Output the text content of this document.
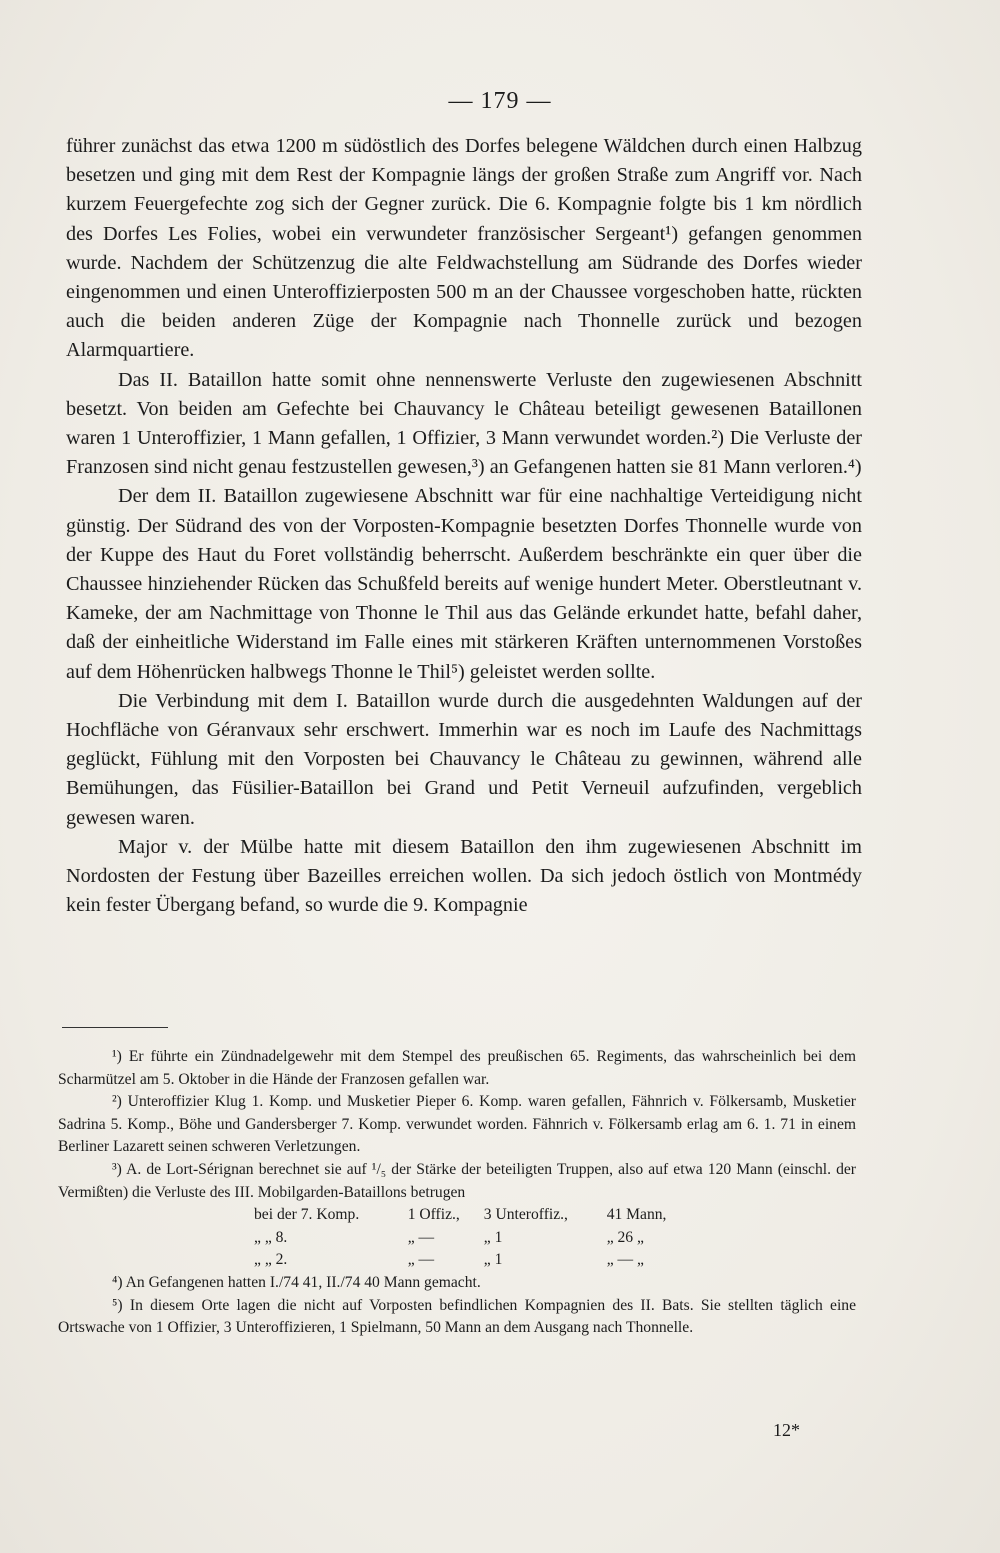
— 179 —

führer zunächst das etwa 1200 m südöstlich des Dorfes belegene Wäldchen durch einen Halbzug besetzen und ging mit dem Rest der Kompagnie längs der großen Straße zum Angriff vor. Nach kurzem Feuergefechte zog sich der Gegner zurück. Die 6. Kompagnie folgte bis 1 km nördlich des Dorfes Les Folies, wobei ein verwundeter französischer Sergeant¹) gefangen genommen wurde. Nachdem der Schützenzug die alte Feldwachstellung am Südrande des Dorfes wieder eingenommen und einen Unteroffizierposten 500 m an der Chaussee vorgeschoben hatte, rückten auch die beiden anderen Züge der Kompagnie nach Thonnelle zurück und bezogen Alarmquartiere.

Das II. Bataillon hatte somit ohne nennenswerte Verluste den zugewiesenen Abschnitt besetzt. Von beiden am Gefechte bei Chauvancy le Château beteiligt gewesenen Bataillonen waren 1 Unteroffizier, 1 Mann gefallen, 1 Offizier, 3 Mann verwundet worden.²) Die Verluste der Franzosen sind nicht genau festzustellen gewesen,³) an Gefangenen hatten sie 81 Mann verloren.⁴)

Der dem II. Bataillon zugewiesene Abschnitt war für eine nachhaltige Verteidigung nicht günstig. Der Südrand des von der Vorposten-Kompagnie besetzten Dorfes Thonnelle wurde von der Kuppe des Haut du Foret vollständig beherrscht. Außerdem beschränkte ein quer über die Chaussee hinziehender Rücken das Schußfeld bereits auf wenige hundert Meter. Oberstleutnant v. Kameke, der am Nachmittage von Thonne le Thil aus das Gelände erkundet hatte, befahl daher, daß der einheitliche Widerstand im Falle eines mit stärkeren Kräften unternommenen Vorstoßes auf dem Höhenrücken halbwegs Thonne le Thil⁵) geleistet werden sollte.

Die Verbindung mit dem I. Bataillon wurde durch die ausgedehnten Waldungen auf der Hochfläche von Géranvaux sehr erschwert. Immerhin war es noch im Laufe des Nachmittags geglückt, Fühlung mit den Vorposten bei Chauvancy le Château zu gewinnen, während alle Bemühungen, das Füsilier-Bataillon bei Grand und Petit Verneuil aufzufinden, vergeblich gewesen waren.

Major v. der Mülbe hatte mit diesem Bataillon den ihm zugewiesenen Abschnitt im Nordosten der Festung über Bazeilles erreichen wollen. Da sich jedoch östlich von Montmédy kein fester Übergang befand, so wurde die 9. Kompagnie

¹) Er führte ein Zündnadelgewehr mit dem Stempel des preußischen 65. Regiments, das wahrscheinlich bei dem Scharmützel am 5. Oktober in die Hände der Franzosen gefallen war.

²) Unteroffizier Klug 1. Komp. und Musketier Pieper 6. Komp. waren gefallen, Fähnrich v. Fölkersamb, Musketier Sadrina 5. Komp., Böhe und Gandersberger 7. Komp. verwundet worden. Fähnrich v. Fölkersamb erlag am 6. 1. 71 in einem Berliner Lazarett seinen schweren Verletzungen.

³) A. de Lort-Sérignan berechnet sie auf ¹/₅ der Stärke der beteiligten Truppen, also auf etwa 120 Mann (einschl. der Vermißten) die Verluste des III. Mobilgarden-Bataillons betrugen

bei der 7. Komp.	1 Offiz.,	3 Unteroffiz.,	41 Mann,
„ „ 8.	„ —	„ 1	„ 26 „
„ „ 2.	„ —	„ 1	„ — „

⁴) An Gefangenen hatten I./74 41, II./74 40 Mann gemacht.

⁵) In diesem Orte lagen die nicht auf Vorposten befindlichen Kompagnien des II. Bats. Sie stellten täglich eine Ortswache von 1 Offizier, 3 Unteroffizieren, 1 Spielmann, 50 Mann an dem Ausgang nach Thonnelle.

12*
